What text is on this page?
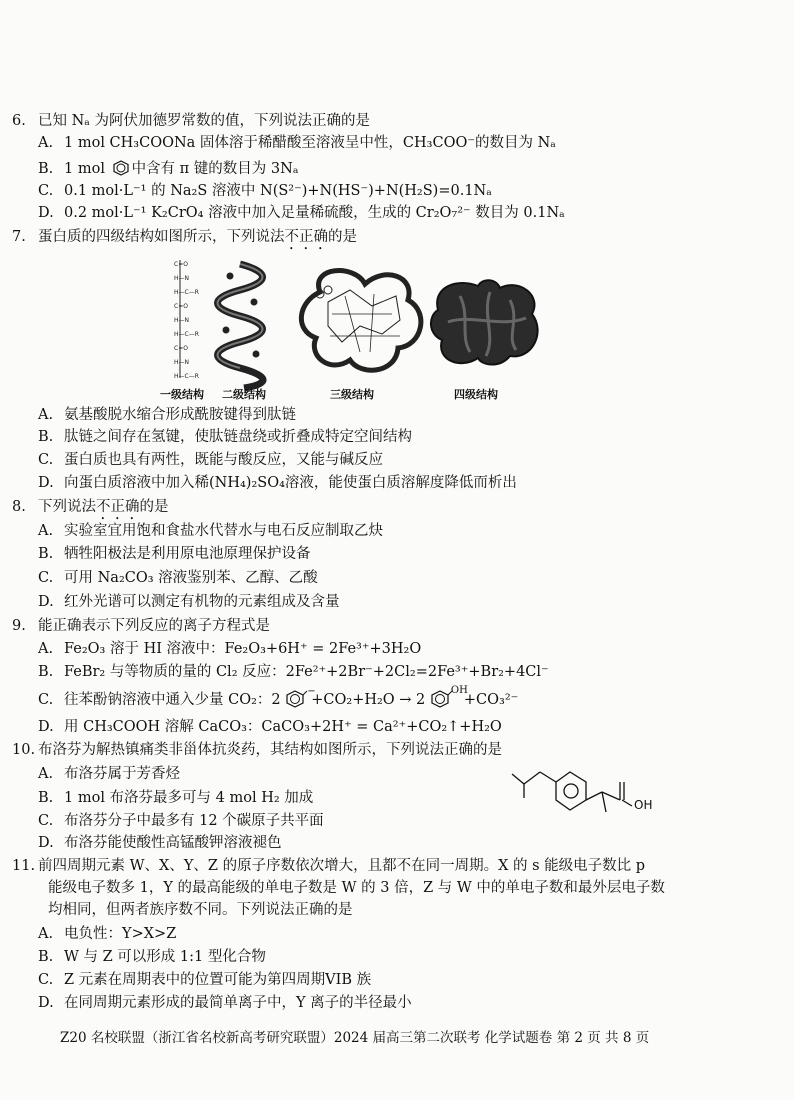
6. 已知 Nₐ 为阿伏加德罗常数的值，下列说法正确的是
A. 1 mol CH₃COONa 固体溶于稀醋酸至溶液呈中性，CH₃COO⁻的数目为 Nₐ
B. 1 mol 中含有 π 键的数目为 3Nₐ
C. 0.1 mol·L⁻¹ 的 Na₂S 溶液中 N(S²⁻)+N(HS⁻)+N(H₂S)=0.1Nₐ
D. 0.2 mol·L⁻¹ K₂CrO₄ 溶液中加入足量稀硫酸，生成的 Cr₂O₇²⁻ 数目为 0.1Nₐ
7. 蛋白质的四级结构如图所示，下列说法不正确的是
C=O
H—N
H—C—R
C=O
H—N
H—C—R
C=O
H—N
H—C—R
一级结构 二级结构	三级结构	四级结构
A. 氨基酸脱水缩合形成酰胺键得到肽链
B. 肽链之间存在氢键，使肽链盘绕或折叠成特定空间结构
C. 蛋白质也具有两性，既能与酸反应，又能与碱反应
D. 向蛋白质溶液中加入稀(NH₄)₂SO₄溶液，能使蛋白质溶解度降低而析出
8. 下列说法不正确的是
A. 实验室宜用饱和食盐水代替水与电石反应制取乙炔
B. 牺牲阳极法是利用原电池原理保护设备
C. 可用 Na₂CO₃ 溶液鉴别苯、乙醇、乙酸
D. 红外光谱可以测定有机物的元素组成及含量
9. 能正确表示下列反应的离子方程式是
A. Fe₂O₃ 溶于 HI 溶液中：Fe₂O₃+6H⁺ = 2Fe³⁺+3H₂O
B. FeBr₂ 与等物质的量的 Cl₂ 反应：2Fe²⁺+2Br⁻+2Cl₂=2Fe³⁺+Br₂+4Cl⁻
C. 往苯酚钠溶液中通入少量 CO₂：2
−
+CO₂+H₂O → 2
OH
+CO₃²⁻
D. 用 CH₃COOH 溶解 CaCO₃：CaCO₃+2H⁺ = Ca²⁺+CO₂↑+H₂O
10. 布洛芬为解热镇痛类非甾体抗炎药，其结构如图所示，下列说法正确的是
A. 布洛芬属于芳香烃
B. 1 mol 布洛芬最多可与 4 mol H₂ 加成
C. 布洛芬分子中最多有 12 个碳原子共平面
D. 布洛芬能使酸性高锰酸钾溶液褪色
OH
11. 前四周期元素 W、X、Y、Z 的原子序数依次增大，且都不在同一周期。X 的 s 能级电子数比 p
能级电子数多 1，Y 的最高能级的单电子数是 W 的 3 倍，Z 与 W 中的单电子数和最外层电子数
均相同，但两者族序数不同。下列说法正确的是
A. 电负性：Y>X>Z
B. W 与 Z 可以形成 1:1 型化合物
C. Z 元素在周期表中的位置可能为第四周期VIB 族
D. 在同周期元素形成的最简单离子中，Y 离子的半径最小
Z20 名校联盟（浙江省名校新高考研究联盟）2024 届高三第二次联考 化学试题卷 第 2 页 共 8 页
